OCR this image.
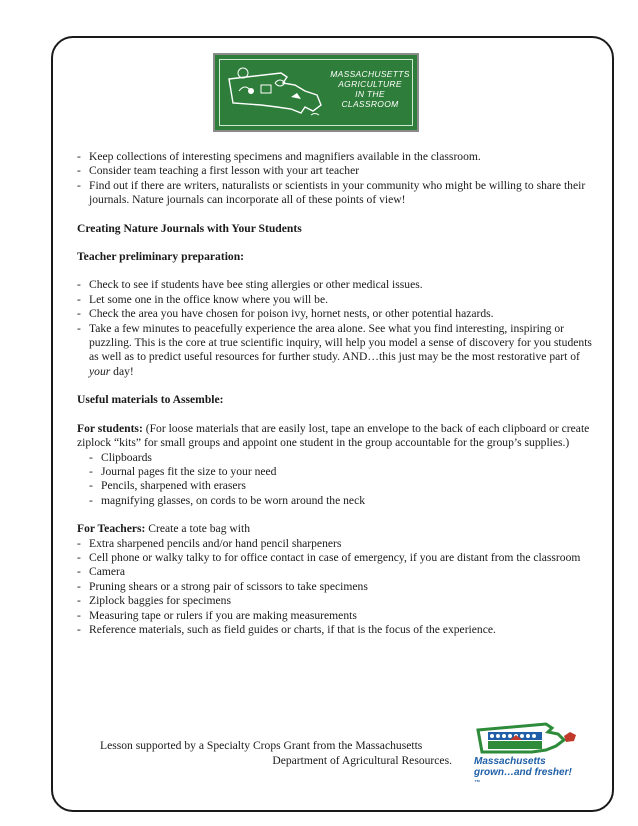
MASSACHUSETTS
AGRICULTURE
IN THE CLASSROOM
- Keep collections of interesting specimens and magnifiers available in the classroom.
- Consider team teaching a first lesson with your art teacher
- Find out if there are writers, naturalists or scientists in your community who might be willing to share their journals. Nature journals can incorporate all of these points of view!
Creating Nature Journals with Your Students
Teacher preliminary preparation:
- Check to see if students have bee sting allergies or other medical issues.
- Let some one in the office know where you will be.
- Check the area you have chosen for poison ivy, hornet nests, or other potential hazards.
- Take a few minutes to peacefully experience the area alone. See what you find interesting, inspiring or puzzling. This is the core at true scientific inquiry, will help you model a sense of discovery for you students as well as to predict useful resources for further study. AND…this just may be the most restorative part of your day!
Useful materials to Assemble:
For students: (For loose materials that are easily lost, tape an envelope to the back of each clipboard or create ziplock “kits” for small groups and appoint one student in the group accountable for the group’s supplies.)
- Clipboards
- Journal pages fit the size to your need
- Pencils, sharpened with erasers
- magnifying glasses, on cords to be worn around the neck
For Teachers: Create a tote bag with
- Extra sharpened pencils and/or hand pencil sharpeners
- Cell phone or walky talky to for office contact in case of emergency, if you are distant from the classroom
- Camera
- Pruning shears or a strong pair of scissors to take specimens
- Ziplock baggies for specimens
- Measuring tape or rulers if you are making measurements
- Reference materials, such as field guides or charts, if that is the focus of the experience.
Lesson supported by a Specialty Crops Grant from the Massachusetts
Department of Agricultural Resources. Massachusetts
grown…and fresher!
™
